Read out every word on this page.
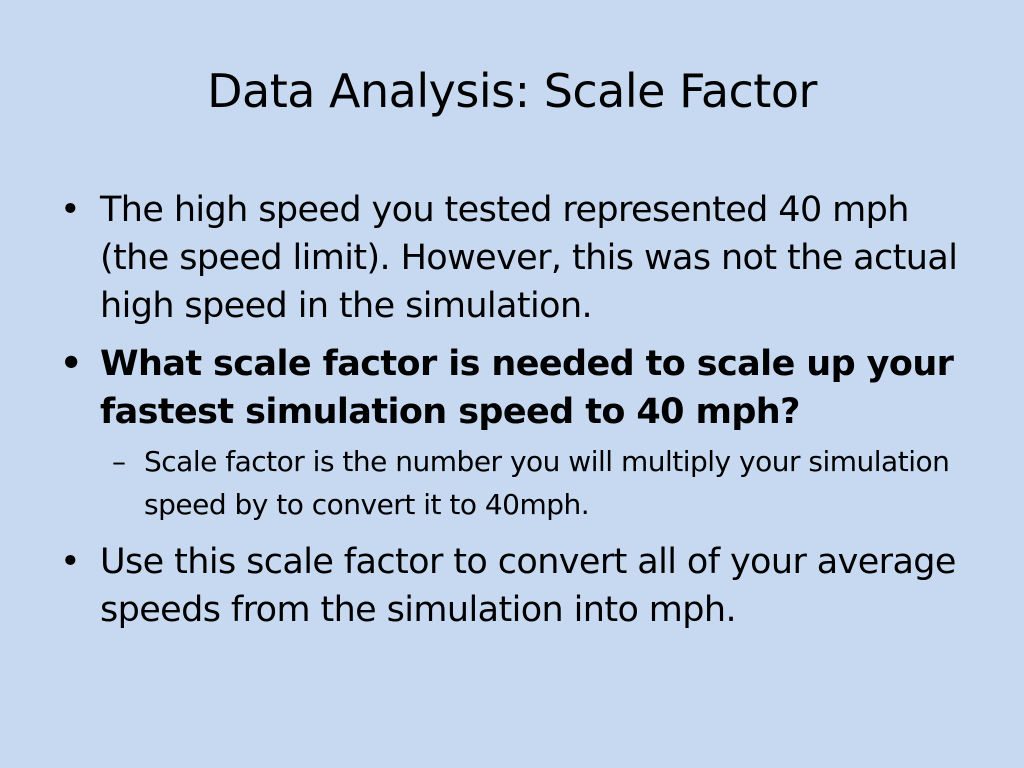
Data Analysis: Scale Factor
• The high speed you tested represented 40 mph (the speed limit). However, this was not the actual high speed in the simulation.
• What scale factor is needed to scale up your fastest simulation speed to 40 mph?
– Scale factor is the number you will multiply your simulation speed by to convert it to 40mph.
• Use this scale factor to convert all of your average speeds from the simulation into mph.
